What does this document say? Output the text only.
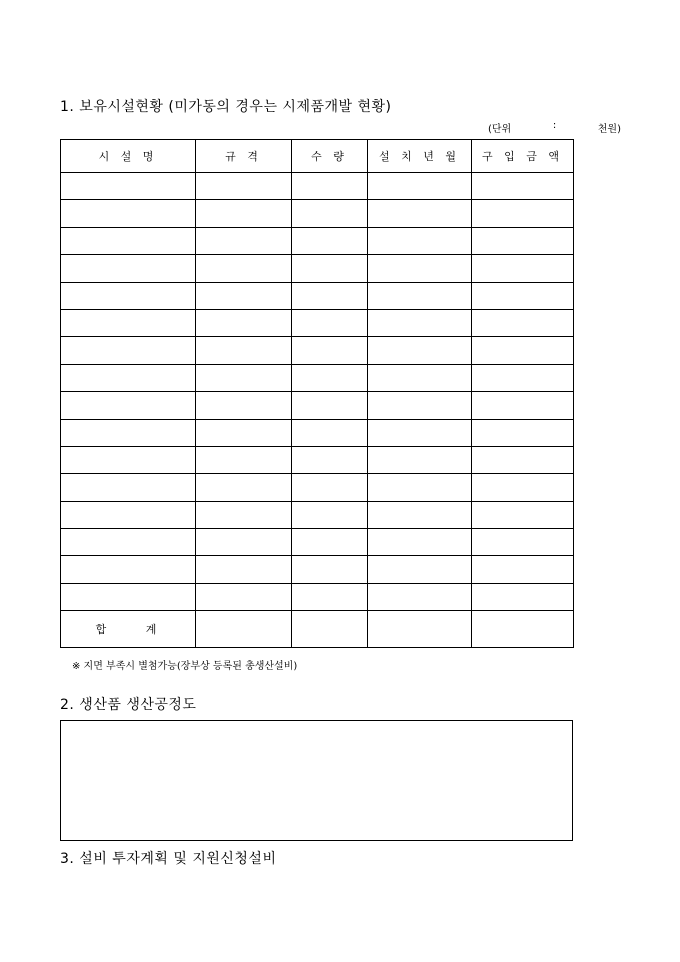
1. 보유시설현황 (미가동의 경우는 시제품개발 현황)
(단위	:	천원)
시 설 명	규 격	수 량	설 치 년 월	구 입 금 액

합 계				
※ 지면 부족시 별첨가능(장부상 등록된 총생산설비)
2. 생산품 생산공정도
3. 설비 투자계획 및 지원신청설비
